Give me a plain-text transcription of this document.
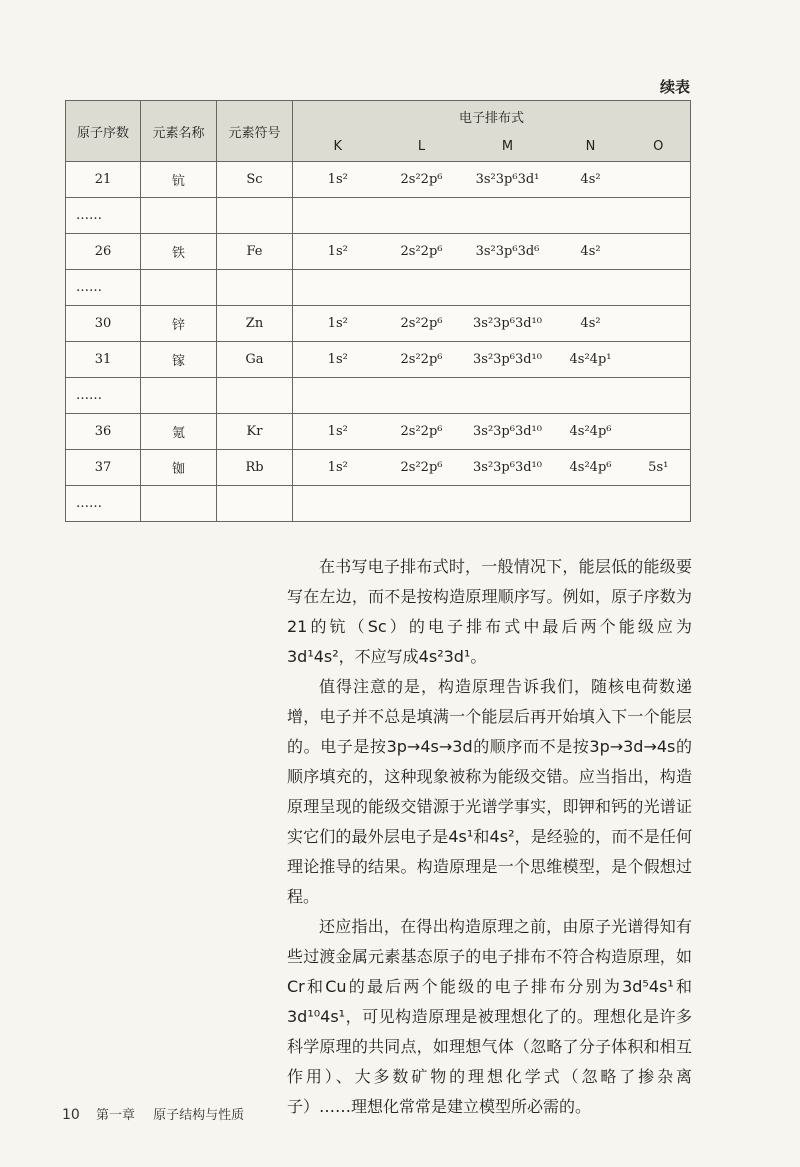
续表
原子序数	元素名称	元素符号	电子排布式				
			K	L	M	N	O
21	钪	Sc	1s²	2s²2p⁶	3s²3p⁶3d¹	4s²	
……							
26	铁	Fe	1s²	2s²2p⁶	3s²3p⁶3d⁶	4s²	
……							
30	锌	Zn	1s²	2s²2p⁶	3s²3p⁶3d¹⁰	4s²	
31	镓	Ga	1s²	2s²2p⁶	3s²3p⁶3d¹⁰	4s²4p¹	
……							
36	氪	Kr	1s²	2s²2p⁶	3s²3p⁶3d¹⁰	4s²4p⁶	
37	铷	Rb	1s²	2s²2p⁶	3s²3p⁶3d¹⁰	4s²4p⁶	5s¹
……							

在书写电子排布式时，一般情况下，能层低的能级要写在左边，而不是按构造原理顺序写。例如，原子序数为21的钪（Sc）的电子排布式中最后两个能级应为3d¹4s²，不应写成4s²3d¹。

值得注意的是，构造原理告诉我们，随核电荷数递增，电子并不总是填满一个能层后再开始填入下一个能层的。电子是按3p→4s→3d的顺序而不是按3p→3d→4s的顺序填充的，这种现象被称为能级交错。应当指出，构造原理呈现的能级交错源于光谱学事实，即钾和钙的光谱证实它们的最外层电子是4s¹和4s²，是经验的，而不是任何理论推导的结果。构造原理是一个思维模型，是个假想过程。

还应指出，在得出构造原理之前，由原子光谱得知有些过渡金属元素基态原子的电子排布不符合构造原理，如Cr和Cu的最后两个能级的电子排布分别为3d⁵4s¹和3d¹⁰4s¹，可见构造原理是被理想化了的。理想化是许多科学原理的共同点，如理想气体（忽略了分子体积和相互作用）、大多数矿物的理想化学式（忽略了掺杂离子）……理想化常常是建立模型所必需的。

10 第一章 原子结构与性质
